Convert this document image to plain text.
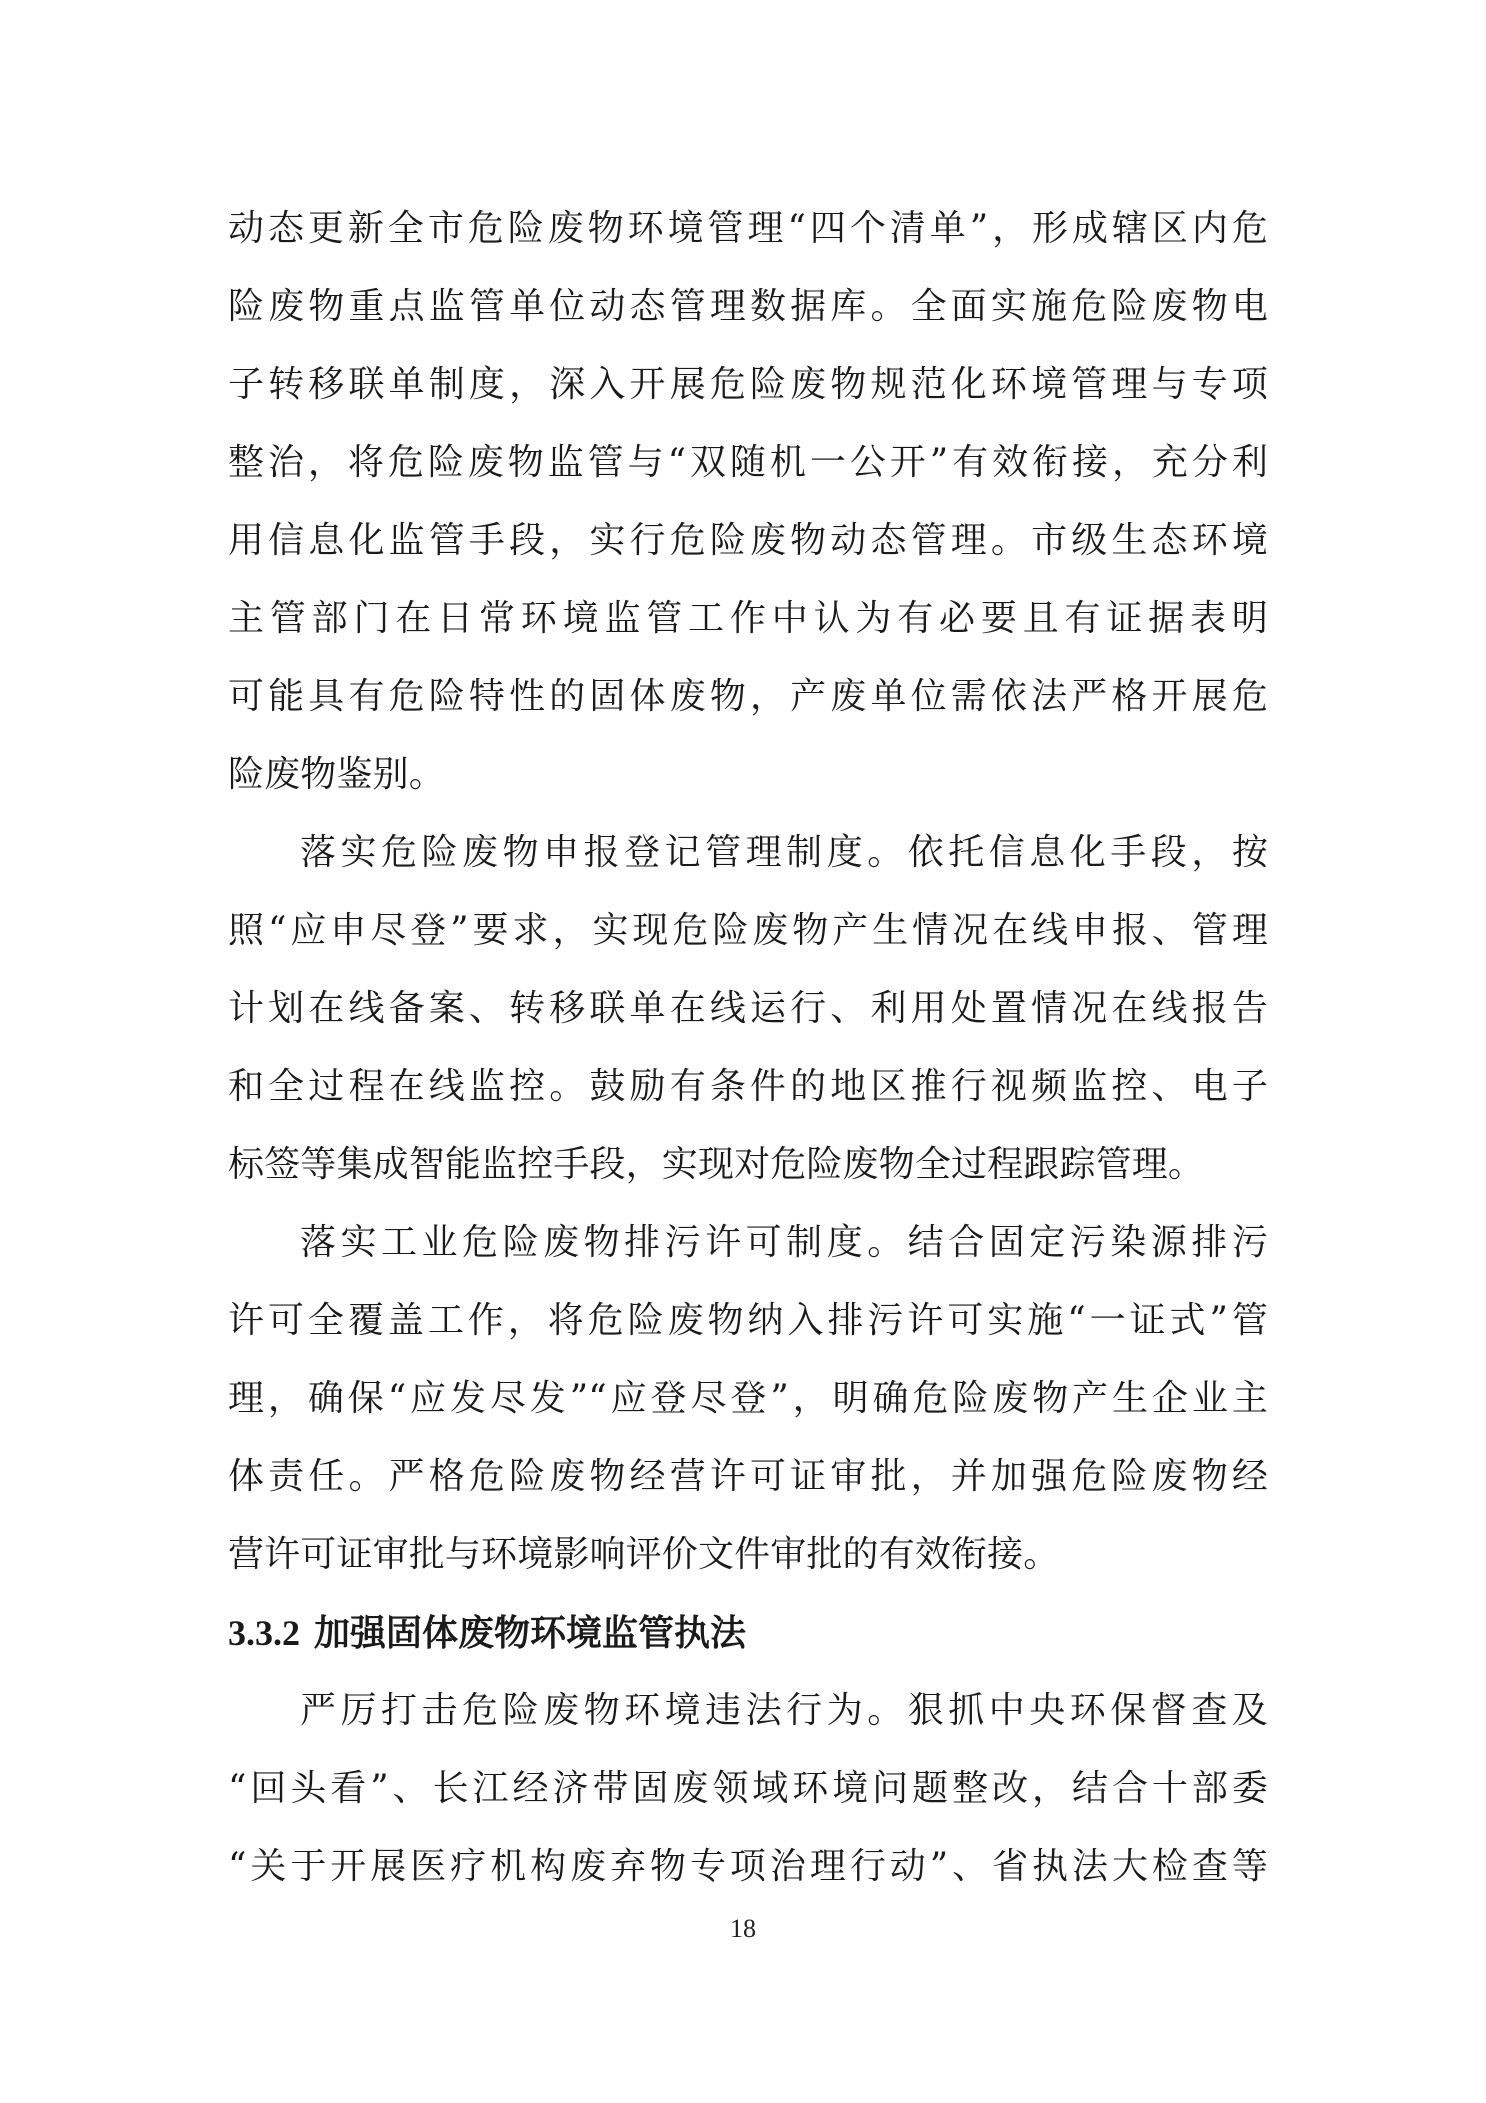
动态更新全市危险废物环境管理“四个清单”，形成辖区内危
险废物重点监管单位动态管理数据库。全面实施危险废物电
子转移联单制度，深入开展危险废物规范化环境管理与专项
整治，将危险废物监管与“双随机一公开”有效衔接，充分利
用信息化监管手段，实行危险废物动态管理。市级生态环境
主管部门在日常环境监管工作中认为有必要且有证据表明
可能具有危险特性的固体废物，产废单位需依法严格开展危
险废物鉴别。
落实危险废物申报登记管理制度。依托信息化手段，按
照“应申尽登”要求，实现危险废物产生情况在线申报、管理
计划在线备案、转移联单在线运行、利用处置情况在线报告
和全过程在线监控。鼓励有条件的地区推行视频监控、电子
标签等集成智能监控手段，实现对危险废物全过程跟踪管理。
落实工业危险废物排污许可制度。结合固定污染源排污
许可全覆盖工作，将危险废物纳入排污许可实施“一证式”管
理，确保“应发尽发”“应登尽登”，明确危险废物产生企业主
体责任。严格危险废物经营许可证审批，并加强危险废物经
营许可证审批与环境影响评价文件审批的有效衔接。
3.3.2 加强固体废物环境监管执法
严厉打击危险废物环境违法行为。狠抓中央环保督查及
“回头看”、长江经济带固废领域环境问题整改，结合十部委
“关于开展医疗机构废弃物专项治理行动”、省执法大检查等
18
